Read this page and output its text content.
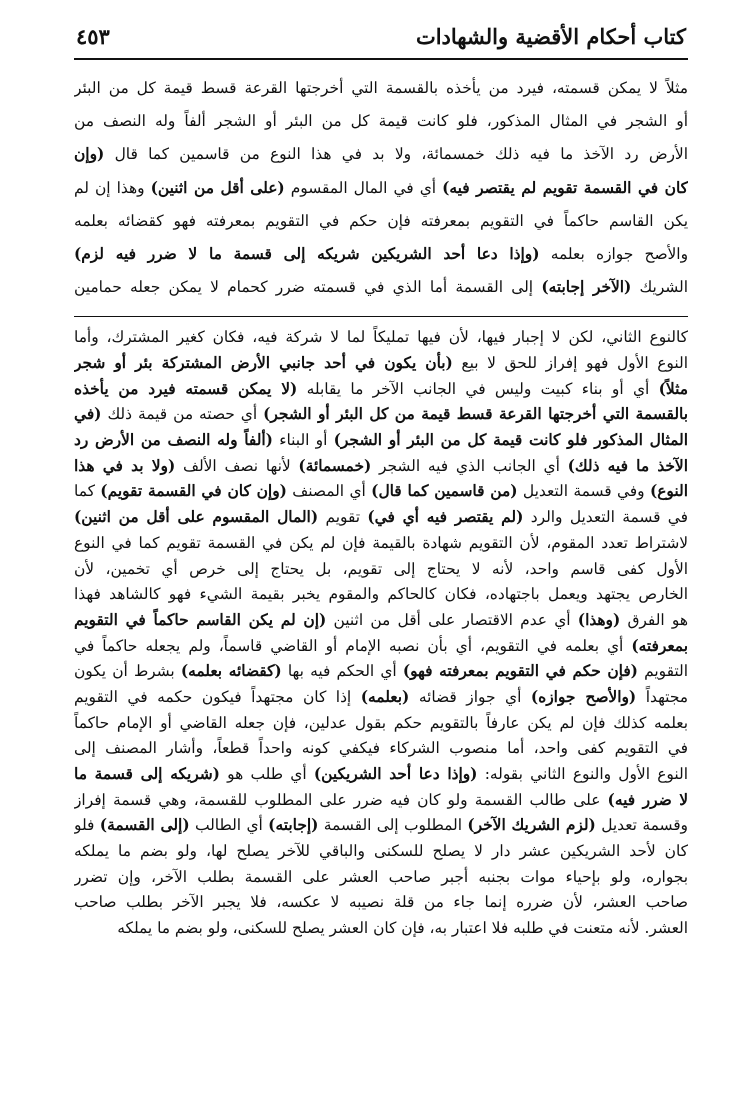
كتاب أحكام الأقضية والشهادات
٤٥٣
مثلاً لا يمكن قسمته، فيرد من يأخذه بالقسمة التي أخرجتها القرعة قسط قيمة كل من البئر
أو الشجر في المثال المذكور، فلو كانت قيمة كل من البئر أو الشجر ألفاً وله النصف من
الأرض رد الآخذ ما فيه ذلك خمسمائة، ولا بد في هذا النوع من قاسمين كما قال (وإن
كان في القسمة تقويم لم يقتصر فيه) أي في المال المقسوم (على أقل من اثنين) وهذا إن لم
يكن القاسم حاكماً في التقويم بمعرفته فإن حكم في التقويم بمعرفته فهو كقضائه بعلمه
والأصح جوازه بعلمه (وإذا دعا أحد الشريكين شريكه إلى قسمة ما لا ضرر فيه لزم)
الشريك (الآخر إجابته) إلى القسمة أما الذي في قسمته ضرر كحمام لا يمكن جعله حمامين
كالنوع الثاني، لكن لا إجبار فيها، لأن فيها تمليكاً لما لا شركة فيه، فكان كغير المشترك، وأما
النوع الأول فهو إفراز للحق لا بيع (بأن يكون في أحد جانبي الأرض المشتركة بئر أو شجر
مثلاً) أي أو بناء كبيت وليس في الجانب الآخر ما يقابله (لا يمكن قسمته فيرد من يأخذه
بالقسمة التي أخرجتها القرعة قسط قيمة من كل البئر أو الشجر) أي حصته من قيمة ذلك (في
المثال المذكور فلو كانت قيمة كل من البئر أو الشجر) أو البناء (ألفاً وله النصف من الأرض رد
الآخذ ما فيه ذلك) أي الجانب الذي فيه الشجر (خمسمائة) لأنها نصف الألف (ولا بد في هذا
النوع) وفي قسمة التعديل (من قاسمين كما قال) أي المصنف (وإن كان في القسمة تقويم) كما
في قسمة التعديل والرد (لم يقتصر فيه أي في) تقويم (المال المقسوم على أقل من اثنين)
لاشتراط تعدد المقوم، لأن التقويم شهادة بالقيمة فإن لم يكن في القسمة تقويم كما في النوع
الأول كفى قاسم واحد، لأنه لا يحتاج إلى تقويم، بل يحتاج إلى خرص أي تخمين، لأن
الخارص يجتهد ويعمل باجتهاده، فكان كالحاكم والمقوم يخبر بقيمة الشيء فهو كالشاهد فهذا
هو الفرق (وهذا) أي عدم الاقتصار على أقل من اثنين (إن لم يكن القاسم حاكماً في التقويم
بمعرفته) أي بعلمه في التقويم، أي بأن نصبه الإمام أو القاضي قاسماً، ولم يجعله حاكماً في
التقويم (فإن حكم في التقويم بمعرفته فهو) أي الحكم فيه بها (كقضائه بعلمه) بشرط أن يكون
مجتهداً (والأصح جوازه) أي جواز قضائه (بعلمه) إذا كان مجتهداً فيكون حكمه في التقويم
بعلمه كذلك فإن لم يكن عارفاً بالتقويم حكم بقول عدلين، فإن جعله القاضي أو الإمام حاكماً
في التقويم كفى واحد، أما منصوب الشركاء فيكفي كونه واحداً قطعاً، وأشار المصنف إلى
النوع الأول والنوع الثاني بقوله: (وإذا دعا أحد الشريكين) أي طلب هو (شريكه إلى قسمة ما
لا ضرر فيه) على طالب القسمة ولو كان فيه ضرر على المطلوب للقسمة، وهي قسمة إفراز
وقسمة تعديل (لزم الشريك الآخر) المطلوب إلى القسمة (إجابته) أي الطالب (إلى القسمة) فلو
كان لأحد الشريكين عشر دار لا يصلح للسكنى والباقي للآخر يصلح لها، ولو بضم ما يملكه
بجواره، ولو بإحياء موات بجنبه أجبر صاحب العشر على القسمة بطلب الآخر، وإن تضرر
صاحب العشر، لأن ضرره إنما جاء من قلة نصيبه لا عكسه، فلا يجبر الآخر بطلب صاحب
العشر. لأنه متعنت في طلبه فلا اعتبار به، فإن كان العشر يصلح للسكنى، ولو بضم ما يملكه
